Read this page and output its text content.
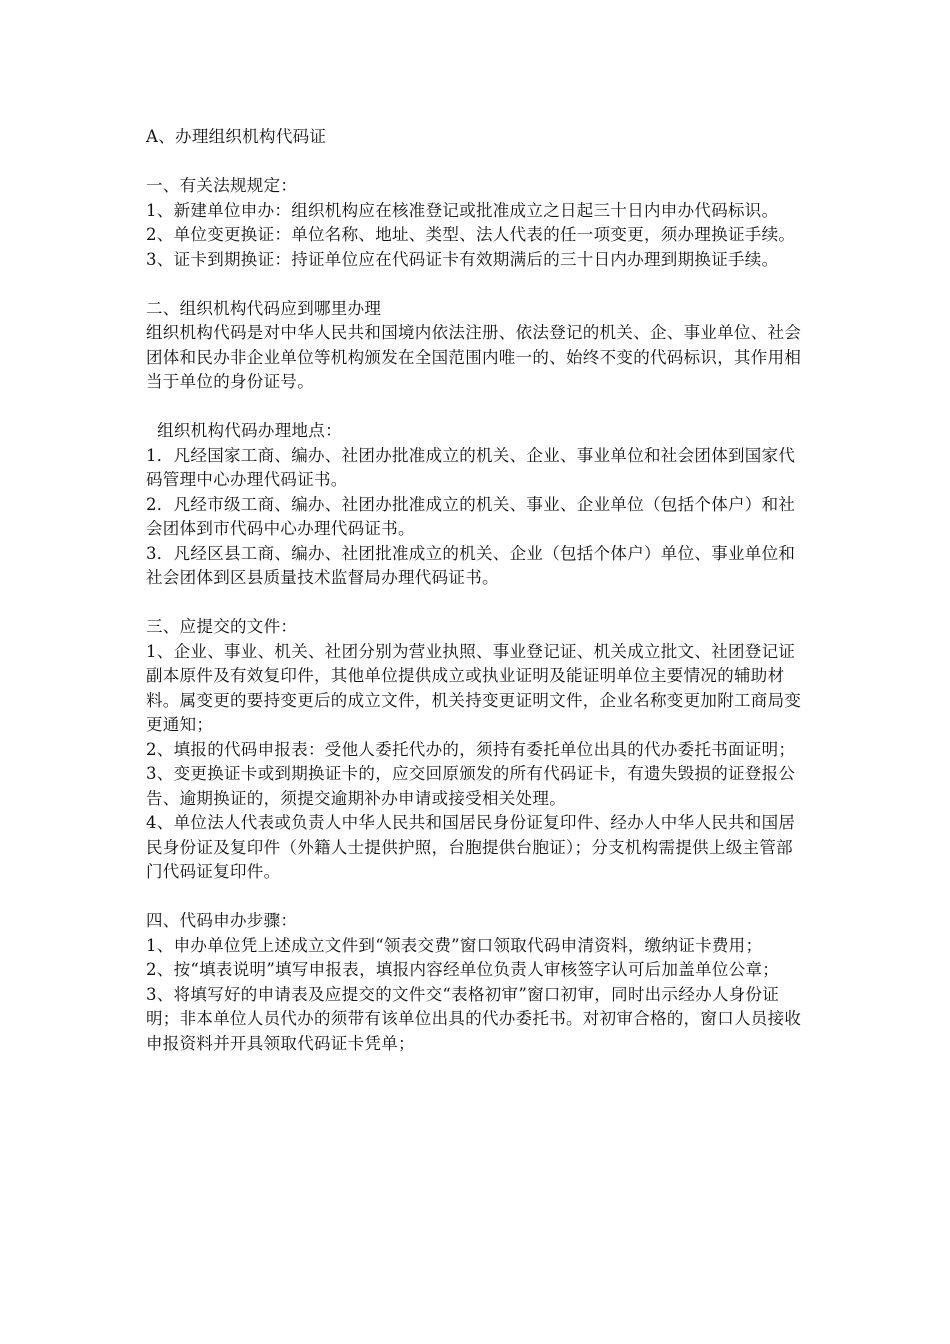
A、办理组织机构代码证
一、有关法规规定：
1、新建单位申办：组织机构应在核准登记或批准成立之日起三十日内申办代码标识。
2、单位变更换证：单位名称、地址、类型、法人代表的任一项变更，须办理换证手续。
3、证卡到期换证：持证单位应在代码证卡有效期满后的三十日内办理到期换证手续。
二、组织机构代码应到哪里办理
组织机构代码是对中华人民共和国境内依法注册、依法登记的机关、企、事业单位、社会团体和民办非企业单位等机构颁发在全国范围内唯一的、始终不变的代码标识，其作用相当于单位的身份证号。
组织机构代码办理地点：
1．凡经国家工商、编办、社团办批准成立的机关、企业、事业单位和社会团体到国家代码管理中心办理代码证书。
2．凡经市级工商、编办、社团办批准成立的机关、事业、企业单位（包括个体户）和社会团体到市代码中心办理代码证书。
3．凡经区县工商、编办、社团批准成立的机关、企业（包括个体户）单位、事业单位和社会团体到区县质量技术监督局办理代码证书。
三、应提交的文件：
1、企业、事业、机关、社团分别为营业执照、事业登记证、机关成立批文、社团登记证副本原件及有效复印件，其他单位提供成立或执业证明及能证明单位主要情况的辅助材料。属变更的要持变更后的成立文件，机关持变更证明文件，企业名称变更加附工商局变更通知；
2、填报的代码申报表：受他人委托代办的，须持有委托单位出具的代办委托书面证明；
3、变更换证卡或到期换证卡的，应交回原颁发的所有代码证卡，有遗失毁损的证登报公告、逾期换证的，须提交逾期补办申请或接受相关处理。
4、单位法人代表或负责人中华人民共和国居民身份证复印件、经办人中华人民共和国居民身份证及复印件（外籍人士提供护照，台胞提供台胞证）；分支机构需提供上级主管部门代码证复印件。
四、代码申办步骤：
1、申办单位凭上述成立文件到“领表交费”窗口领取代码申清资料，缴纳证卡费用；
2、按“填表说明”填写申报表，填报内容经单位负责人审核签字认可后加盖单位公章；
3、将填写好的申请表及应提交的文件交“表格初审”窗口初审，同时出示经办人身份证明；非本单位人员代办的须带有该单位出具的代办委托书。对初审合格的，窗口人员接收申报资料并开具领取代码证卡凭单；
